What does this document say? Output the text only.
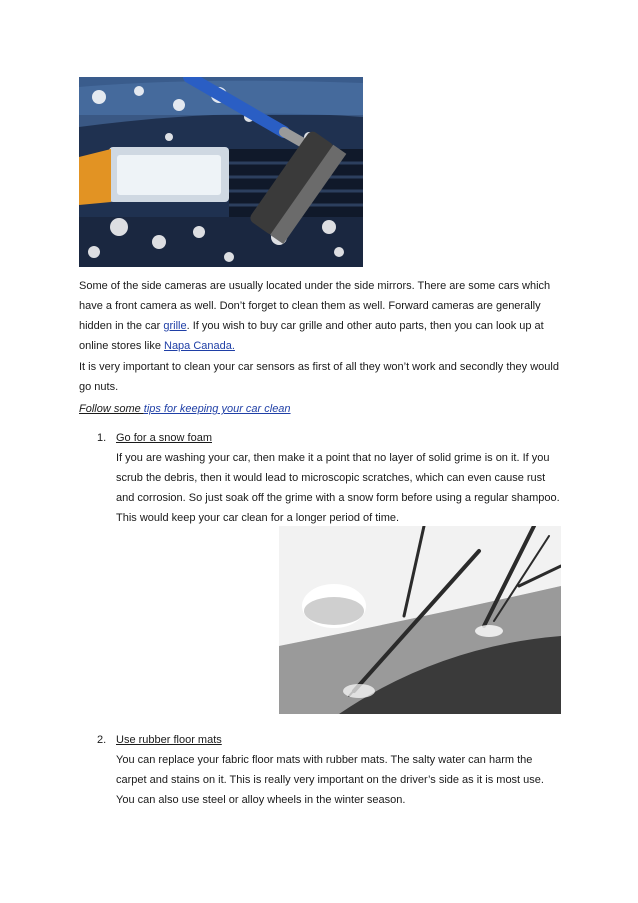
Some of the side cameras are usually located under the side mirrors. There are some cars which have a front camera as well. Don’t forget to clean them as well. Forward cameras are generally hidden in the car grille. If you wish to buy car grille and other auto parts, then you can look up at online stores like Napa Canada.

It is very important to clean your car sensors as first of all they won’t work and secondly they would go nuts.

Follow some tips for keeping your car clean

1. Go for a snow foam
If you are washing your car, then make it a point that no layer of solid grime is on it. If you scrub the debris, then it would lead to microscopic scratches, which can even cause rust and corrosion. So just soak off the grime with a snow form before using a regular shampoo. This would keep your car clean for a longer period of time.

2. Use rubber floor mats
You can replace your fabric floor mats with rubber mats. The salty water can harm the carpet and stains on it. This is really very important on the driver’s side as it is most use. You can also use steel or alloy wheels in the winter season.
